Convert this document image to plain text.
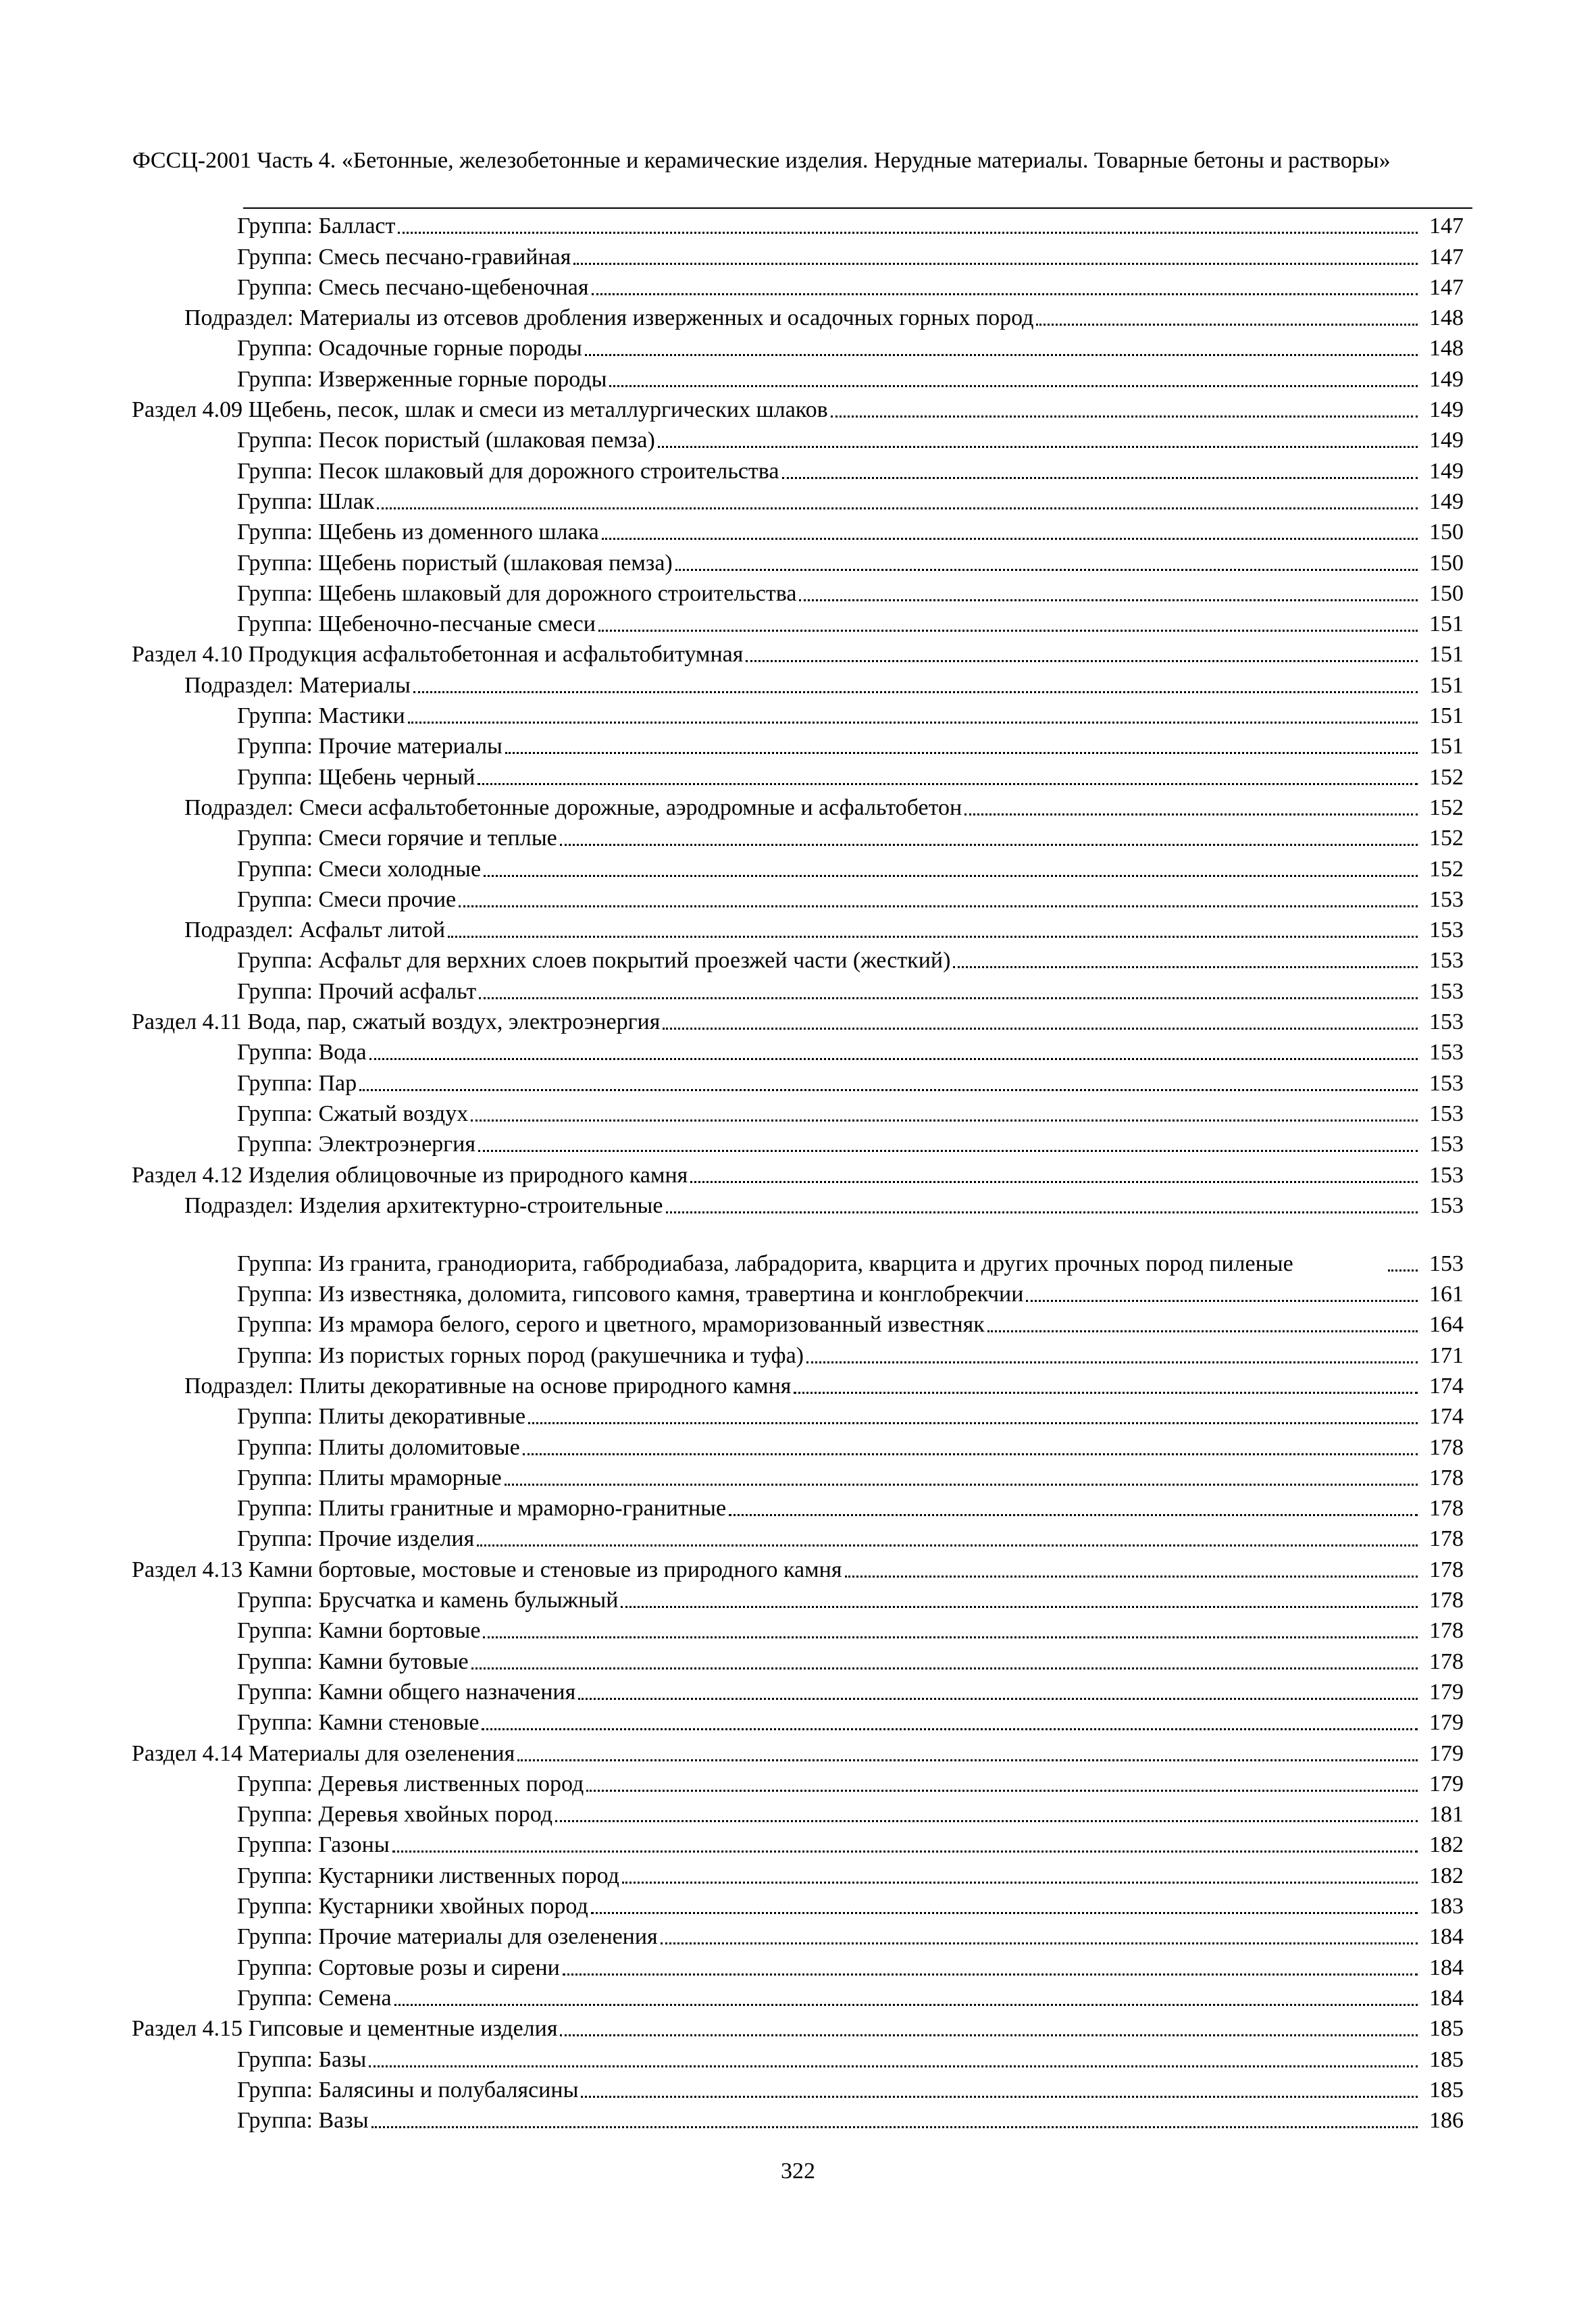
ФССЦ-2001 Часть 4. «Бетонные, железобетонные и керамические изделия. Нерудные материалы. Товарные бетоны и растворы»
Группа: Балласт	147
Группа: Смесь песчано-гравийная	147
Группа: Смесь песчано-щебеночная	147
Подраздел: Материалы из отсевов дробления изверженных и осадочных горных пород	148
Группа: Осадочные горные породы	148
Группа: Изверженные горные породы	149
Раздел 4.09 Щебень, песок, шлак и смеси из металлургических шлаков	149
Группа: Песок пористый (шлаковая пемза)	149
Группа: Песок шлаковый для дорожного строительства	149
Группа: Шлак	149
Группа: Щебень из доменного шлака	150
Группа: Щебень пористый (шлаковая пемза)	150
Группа: Щебень шлаковый для дорожного строительства	150
Группа: Щебеночно-песчаные смеси	151
Раздел 4.10 Продукция асфальтобетонная и асфальтобитумная	151
Подраздел: Материалы	151
Группа: Мастики	151
Группа: Прочие материалы	151
Группа: Щебень черный	152
Подраздел: Смеси асфальтобетонные дорожные, аэродромные и асфальтобетон	152
Группа: Смеси горячие и теплые	152
Группа: Смеси холодные	152
Группа: Смеси прочие	153
Подраздел: Асфальт литой	153
Группа: Асфальт для верхних слоев покрытий проезжей части (жесткий)	153
Группа: Прочий асфальт	153
Раздел 4.11 Вода, пар, сжатый воздух, электроэнергия	153
Группа: Вода	153
Группа: Пар	153
Группа: Сжатый воздух	153
Группа: Электроэнергия	153
Раздел 4.12 Изделия облицовочные из природного камня	153
Подраздел: Изделия архитектурно-строительные	153
Группа: Из гранита, гранодиорита, габбродиабаза, лабрадорита, кварцита и других прочных пород пиленые	153
Группа: Из известняка, доломита, гипсового камня, травертина и конглобрекчии	161
Группа: Из мрамора белого, серого и цветного, мраморизованный известняк	164
Группа: Из пористых горных пород (ракушечника и туфа)	171
Подраздел: Плиты декоративные на основе природного камня	174
Группа: Плиты декоративные	174
Группа: Плиты доломитовые	178
Группа: Плиты мраморные	178
Группа: Плиты гранитные и мраморно-гранитные	178
Группа: Прочие изделия	178
Раздел 4.13 Камни бортовые, мостовые и стеновые из природного камня	178
Группа: Брусчатка и камень булыжный	178
Группа: Камни бортовые	178
Группа: Камни бутовые	178
Группа: Камни общего назначения	179
Группа: Камни стеновые	179
Раздел 4.14 Материалы для озеленения	179
Группа: Деревья лиственных пород	179
Группа: Деревья хвойных пород	181
Группа: Газоны	182
Группа: Кустарники лиственных пород	182
Группа: Кустарники хвойных пород	183
Группа: Прочие материалы для озеленения	184
Группа: Сортовые розы и сирени	184
Группа: Семена	184
Раздел 4.15 Гипсовые и цементные изделия	185
Группа: Базы	185
Группа: Балясины и полубалясины	185
Группа: Вазы	186
322
